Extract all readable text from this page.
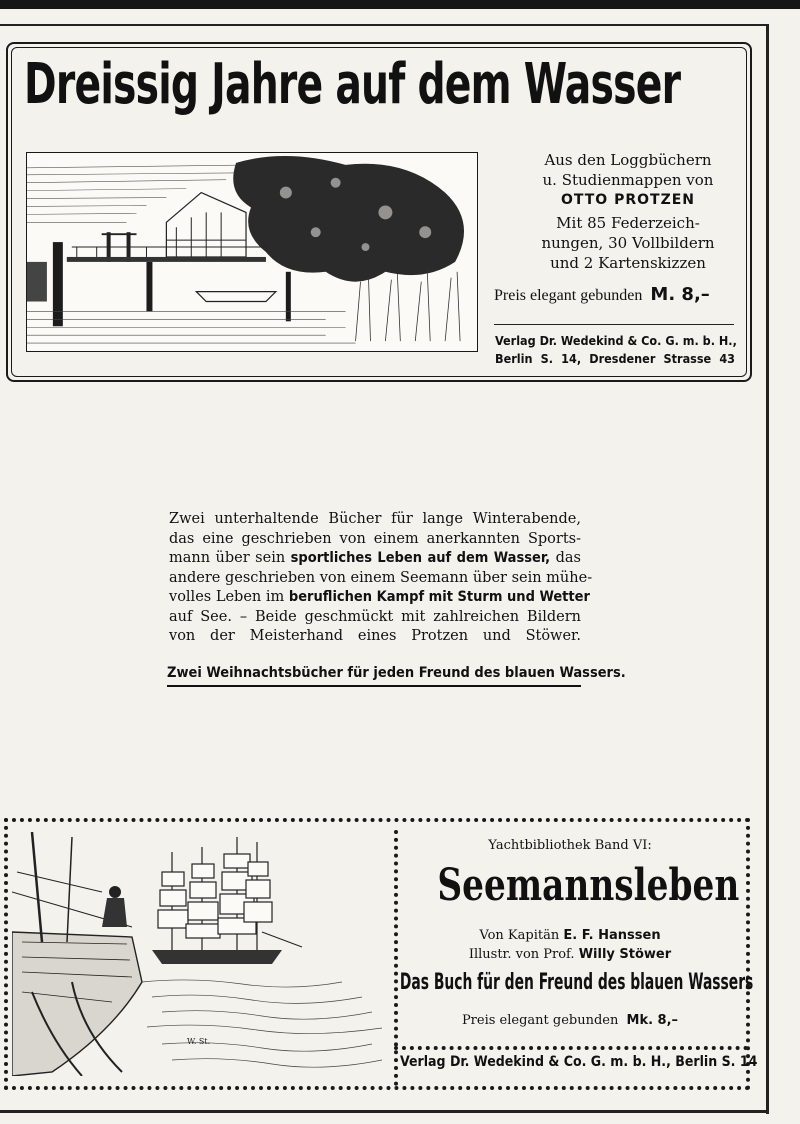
Dreissig Jahre auf dem Wasser
Aus den Loggbüchern
u. Studienmappen von
OTTO PROTZEN
Mit 85 Federzeich-
nungen, 30 Vollbildern
und 2 Kartenskizzen
Preis elegant gebunden M. 8,–
Verlag Dr. Wedekind & Co. G. m. b. H.,
Berlin S. 14, Dresdener Strasse 43
Zwei unterhaltende Bücher für lange Winterabende,
das eine geschrieben von einem anerkannten Sports-
mann über sein sportliches Leben auf dem Wasser, das
andere geschrieben von einem Seemann über sein mühe-
volles Leben im beruflichen Kampf mit Sturm und Wetter
auf See. – Beide geschmückt mit zahlreichen Bildern
von der Meisterhand eines Protzen und Stöwer.
Zwei Weihnachtsbücher für jeden Freund des blauen Wassers.
W. St.
Yachtbibliothek Band VI:
Seemannsleben
Von Kapitän E. F. Hanssen
Illustr. von Prof. Willy Stöwer
Das Buch für den Freund des blauen Wassers
Preis elegant gebunden Mk. 8,–
Verlag Dr. Wedekind & Co. G. m. b. H., Berlin S. 14
